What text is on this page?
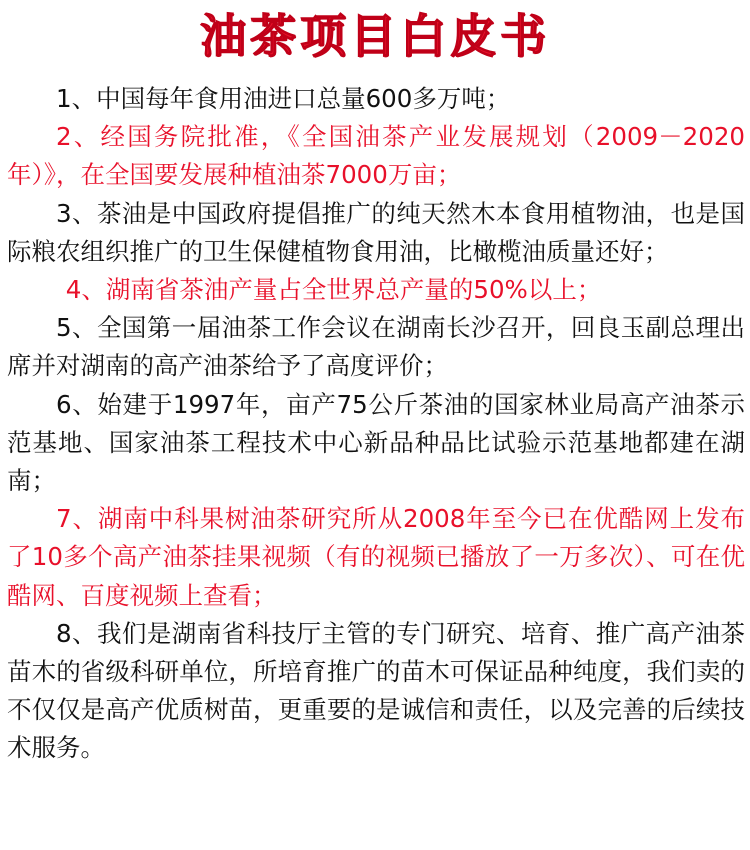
油茶项目白皮书

1、中国每年食用油进口总量600多万吨；

2、经国务院批准，《全国油茶产业发展规划（2009－2020年）》，在全国要发展种植油茶7000万亩；

3、茶油是中国政府提倡推广的纯天然木本食用植物油，也是国际粮农组织推广的卫生保健植物食用油，比橄榄油质量还好；

4、湖南省茶油产量占全世界总产量的50%以上；

5、全国第一届油茶工作会议在湖南长沙召开，回良玉副总理出席并对湖南的高产油茶给予了高度评价；

6、始建于1997年，亩产75公斤茶油的国家林业局高产油茶示范基地、国家油茶工程技术中心新品种品比试验示范基地都建在湖南；

7、湖南中科果树油茶研究所从2008年至今已在优酷网上发布了10多个高产油茶挂果视频（有的视频已播放了一万多次）、可在优酷网、百度视频上查看；

8、我们是湖南省科技厅主管的专门研究、培育、推广高产油茶苗木的省级科研单位，所培育推广的苗木可保证品种纯度，我们卖的不仅仅是高产优质树苗，更重要的是诚信和责任，以及完善的后续技术服务。
